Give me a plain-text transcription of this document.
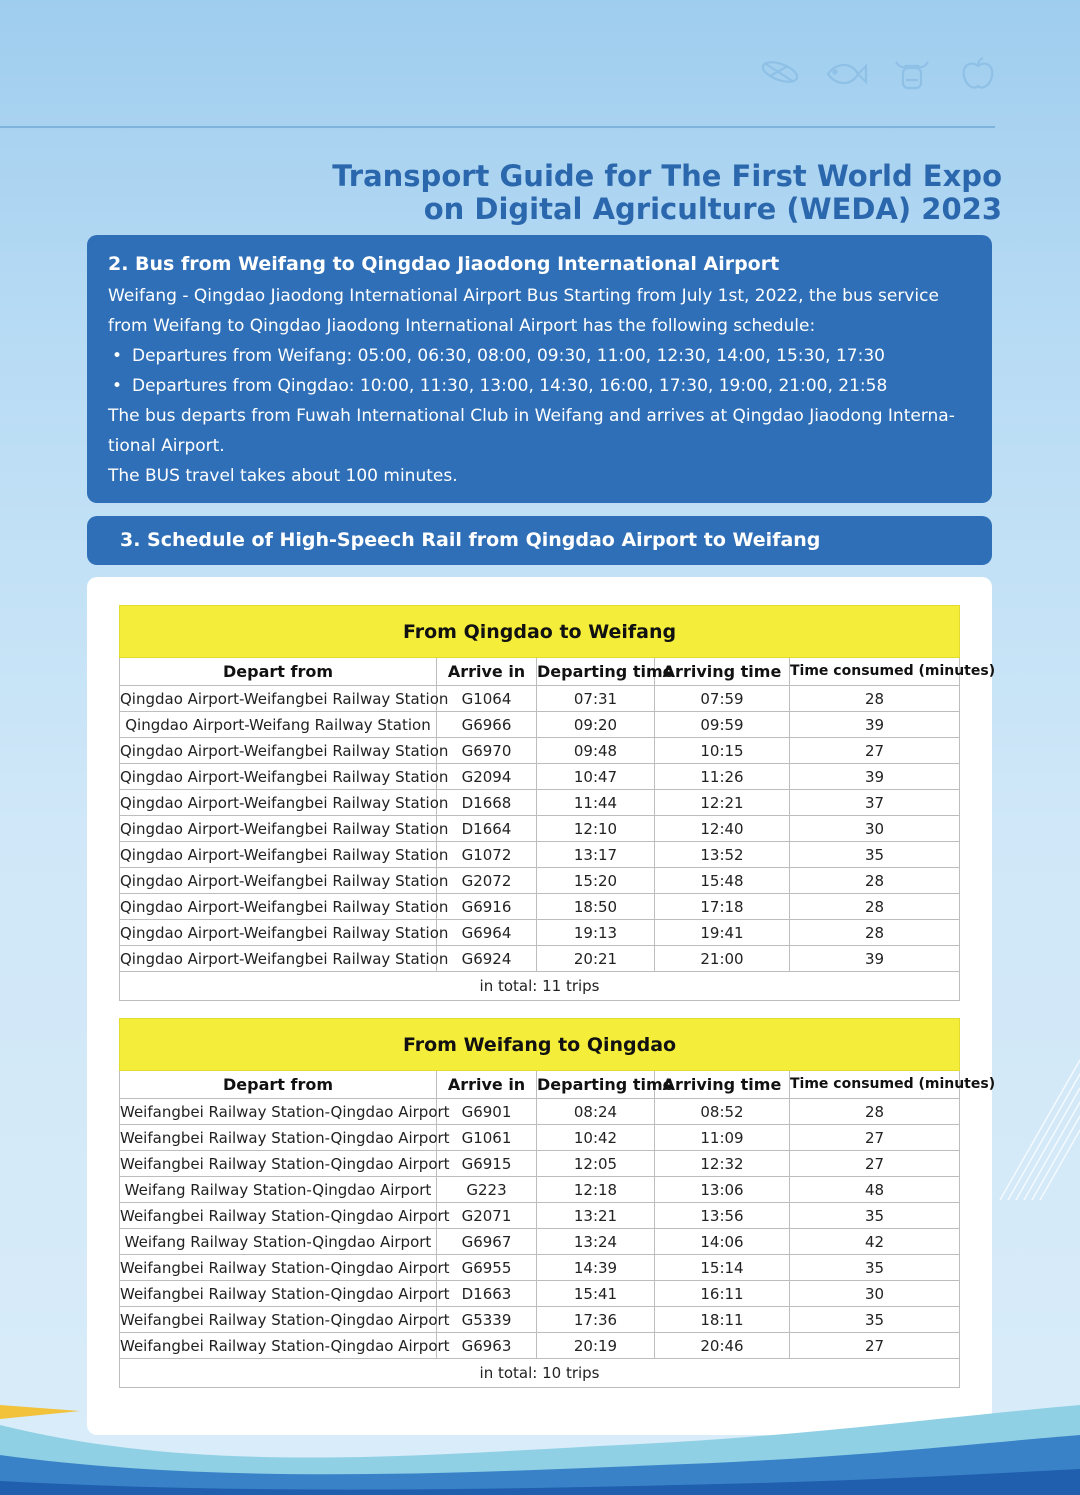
Transport Guide for The First World Expo
on Digital Agriculture (WEDA) 2023
2. Bus from Weifang to Qingdao Jiaodong International Airport

Weifang - Qingdao Jiaodong International Airport Bus Starting from July 1st, 2022, the bus service from Weifang to Qingdao Jiaodong International Airport has the following schedule:

• Departures from Weifang: 05:00, 06:30, 08:00, 09:30, 11:00, 12:30, 14:00, 15:30, 17:30
• Departures from Qingdao: 10:00, 11:30, 13:00, 14:30, 16:00, 17:30, 19:00, 21:00, 21:58

The bus departs from Fuwah International Club in Weifang and arrives at Qingdao Jiaodong Interna-tional Airport.

The BUS travel takes about 100 minutes.

3. Schedule of High-Speech Rail from Qingdao Airport to Weifang
From Qingdao to Weifang				
Depart from	Arrive in	Departing time	Arriving time	Time consumed (minutes)
Qingdao Airport-Weifangbei Railway Station	G1064	07:31	07:59	28
Qingdao Airport-Weifang Railway Station	G6966	09:20	09:59	39
Qingdao Airport-Weifangbei Railway Station	G6970	09:48	10:15	27
Qingdao Airport-Weifangbei Railway Station	G2094	10:47	11:26	39
Qingdao Airport-Weifangbei Railway Station	D1668	11:44	12:21	37
Qingdao Airport-Weifangbei Railway Station	D1664	12:10	12:40	30
Qingdao Airport-Weifangbei Railway Station	G1072	13:17	13:52	35
Qingdao Airport-Weifangbei Railway Station	G2072	15:20	15:48	28
Qingdao Airport-Weifangbei Railway Station	G6916	18:50	17:18	28
Qingdao Airport-Weifangbei Railway Station	G6964	19:13	19:41	28
Qingdao Airport-Weifangbei Railway Station	G6924	20:21	21:00	39
in total: 11 trips				
From Weifang to Qingdao				
Depart from	Arrive in	Departing time	Arriving time	Time consumed (minutes)
Weifangbei Railway Station-Qingdao Airport	G6901	08:24	08:52	28
Weifangbei Railway Station-Qingdao Airport	G1061	10:42	11:09	27
Weifangbei Railway Station-Qingdao Airport	G6915	12:05	12:32	27
Weifang Railway Station-Qingdao Airport	G223	12:18	13:06	48
Weifangbei Railway Station-Qingdao Airport	G2071	13:21	13:56	35
Weifang Railway Station-Qingdao Airport	G6967	13:24	14:06	42
Weifangbei Railway Station-Qingdao Airport	G6955	14:39	15:14	35
Weifangbei Railway Station-Qingdao Airport	D1663	15:41	16:11	30
Weifangbei Railway Station-Qingdao Airport	G5339	17:36	18:11	35
Weifangbei Railway Station-Qingdao Airport	G6963	20:19	20:46	27
in total: 10 trips				
